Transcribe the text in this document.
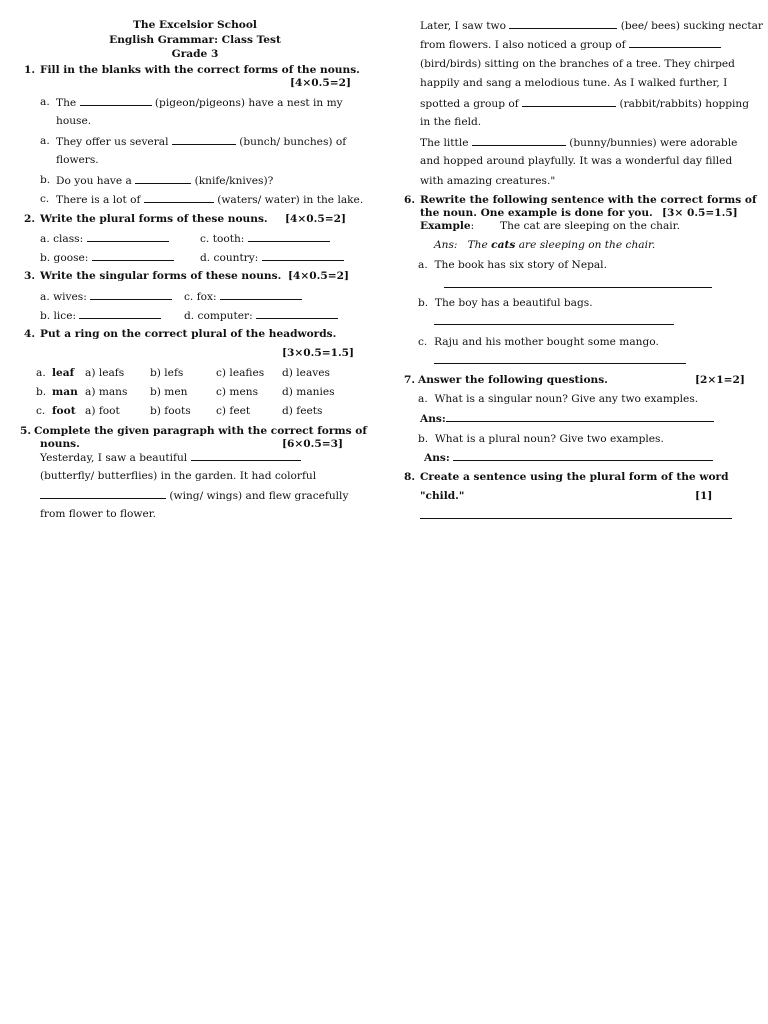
The Excelsior School
English Grammar: Class Test
Grade 3
1. Fill in the blanks with the correct forms of the nouns.
[4×0.5=2]
a. The	(pigeon/pigeons) have a nest in my
house.
a. They offer us several	(bunch/ bunches) of
flowers.
b. Do you have a	(knife/knives)?
c. There is a lot of	(waters/ water) in the lake.
2. Write the plural forms of these nouns. [4×0.5=2]
a. class:	c. tooth:
b. goose:	d. country:
3. Write the singular forms of these nouns. [4×0.5=2]
a. wives:	c. fox:
b. lice:	d. computer:
4. Put a ring on the correct plural of the headwords.
[3×0.5=1.5]
a. leaf a) leafs b) lefs	c) leafies d) leaves
b. man a) mans b) men	c) mens d) manies
c. foot a) foot	b) foots c) feet	d) feets
5. Complete the given paragraph with the correct forms of
nouns.	[6×0.5=3]
Yesterday, I saw a beautiful
(butterfly/ butterflies) in the garden. It had colorful
(wing/ wings) and flew gracefully
from flower to flower.
Later, I saw two	(bee/ bees) sucking nectar
from flowers. I also noticed a group of
(bird/birds) sitting on the branches of a tree. They chirped
happily and sang a melodious tune. As I walked further, I
spotted a group of	(rabbit/rabbits) hopping
in the field.
The little	(bunny/bunnies) were adorable
and hopped around playfully. It was a wonderful day filled
with amazing creatures."
6. Rewrite the following sentence with the correct forms of
the noun. One example is done for you. [3× 0.5=1.5]
Example: The cat are sleeping on the chair.
Ans: The cats are sleeping on the chair.
a. The book has six story of Nepal.
b. The boy has a beautiful bags.
c. Raju and his mother bought some mango.
7. Answer the following questions.	[2×1=2]
a. What is a singular noun? Give any two examples.
Ans:
b. What is a plural noun? Give two examples.
Ans:
8. Create a sentence using the plural form of the word
"child."	[1]
